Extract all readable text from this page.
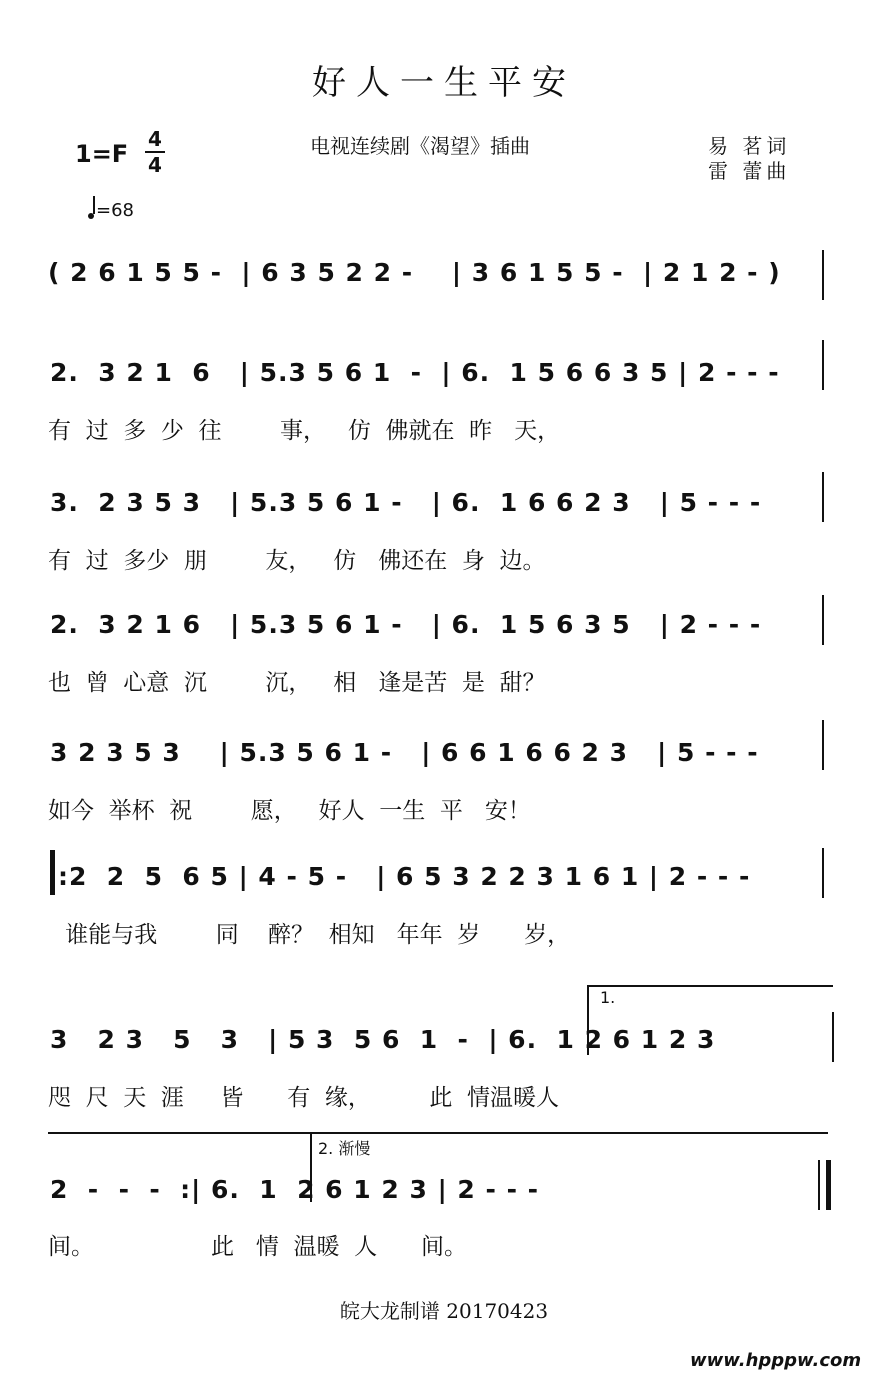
好人一生平安
1=F
4
4
电视连续剧《渴望》插曲	易 茗词
雷 蕾曲
=68
( 2 6 1 5 5 -  | 6 3 5 2 2 -    | 3 6 1 5 5 -  | 2 1 2 - )
2.  3 2 1  6   | 5.3 5 6 1  -  | 6.  1 5 6 6 3 5 | 2 - - -
有  过  多  少  往        事，   仿  佛就在  昨   天，
3.  2 3 5 3   | 5.3 5 6 1 -   | 6.  1 6 6 2 3   | 5 - - -
有  过  多少  朋        友，   仿   佛还在  身  边。
2.  3 2 1 6   | 5.3 5 6 1 -   | 6.  1 5 6 3 5   | 2 - - -
也  曾  心意  沉        沉，   相   逢是苦  是  甜？
3 2 3 5 3    | 5.3 5 6 1 -   | 6 6 1 6 6 2 3   | 5 - - -
如今  举杯  祝        愿，   好人  一生  平   安！
:2  2  5  6 5 | 4 - 5 -   | 6 5 3 2 2 3 1 6 1 | 2 - - -
谁能与我        同    醉？  相知   年年  岁      岁，
1.
3   2 3   5   3   | 5 3  5 6  1  -  | 6.  1 2 6 1 2 3
咫  尺  天  涯     皆      有  缘，        此  情温暖人
2. 渐慢
2  -  -  -  :| 6.  1  2 6 1 2 3 | 2 - - -
间。                此   情  温暖  人      间。
皖大龙制谱 20170423
www.hpppw.com
